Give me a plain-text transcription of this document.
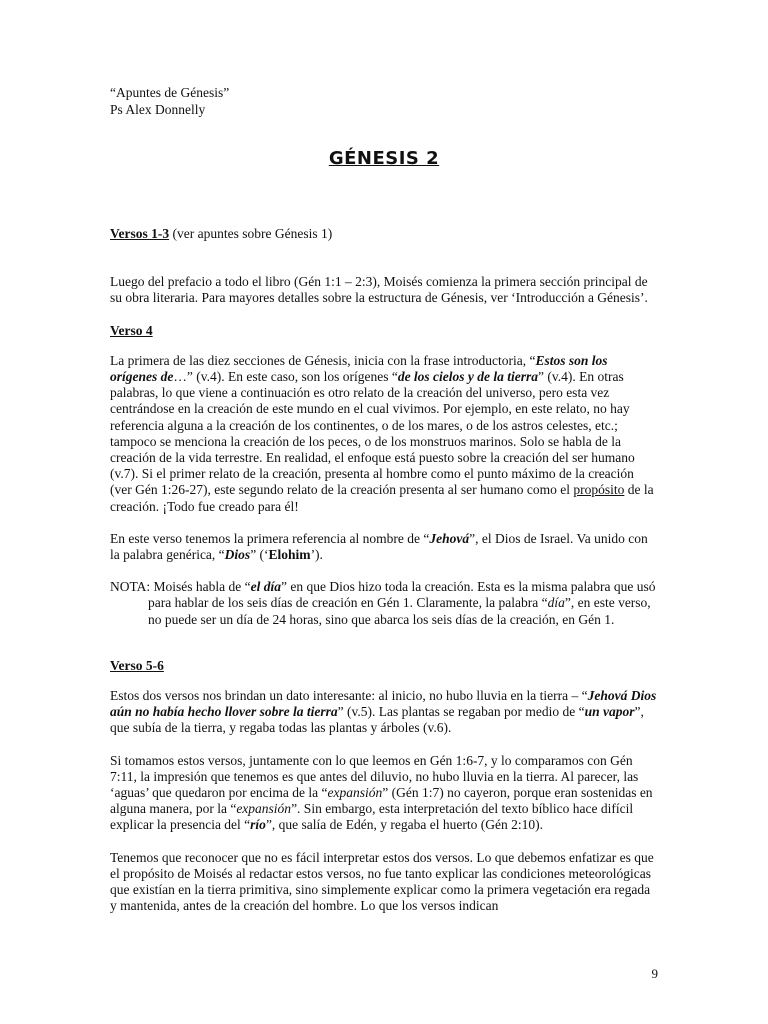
“Apuntes de Génesis”
Ps Alex Donnelly
GÉNESIS 2

Versos 1-3 (ver apuntes sobre Génesis 1)

Luego del prefacio a todo el libro (Gén 1:1 – 2:3), Moisés comienza la primera sección principal de su obra literaria. Para mayores detalles sobre la estructura de Génesis, ver ‘Introducción a Génesis’.

Verso 4

La primera de las diez secciones de Génesis, inicia con la frase introductoria, “Estos son los orígenes de…” (v.4). En este caso, son los orígenes “de los cielos y de la tierra” (v.4). En otras palabras, lo que viene a continuación es otro relato de la creación del universo, pero esta vez centrándose en la creación de este mundo en el cual vivimos. Por ejemplo, en este relato, no hay referencia alguna a la creación de los continentes, o de los mares, o de los astros celestes, etc.; tampoco se menciona la creación de los peces, o de los monstruos marinos. Solo se habla de la creación de la vida terrestre. En realidad, el enfoque está puesto sobre la creación del ser humano (v.7). Si el primer relato de la creación, presenta al hombre como el punto máximo de la creación (ver Gén 1:26-27), este segundo relato de la creación presenta al ser humano como el propósito de la creación. ¡Todo fue creado para él!

En este verso tenemos la primera referencia al nombre de “Jehová”, el Dios de Israel. Va unido con la palabra genérica, “Dios” (‘Elohim’).

NOTA: Moisés habla de “el día” en que Dios hizo toda la creación. Esta es la misma palabra que usó para hablar de los seis días de creación en Gén 1. Claramente, la palabra “día”, en este verso, no puede ser un día de 24 horas, sino que abarca los seis días de la creación, en Gén 1.

Verso 5-6

Estos dos versos nos brindan un dato interesante: al inicio, no hubo lluvia en la tierra – “Jehová Dios aún no había hecho llover sobre la tierra” (v.5). Las plantas se regaban por medio de “un vapor”, que subía de la tierra, y regaba todas las plantas y árboles (v.6).

Si tomamos estos versos, juntamente con lo que leemos en Gén 1:6-7, y lo comparamos con Gén 7:11, la impresión que tenemos es que antes del diluvio, no hubo lluvia en la tierra. Al parecer, las ‘aguas’ que quedaron por encima de la “expansión” (Gén 1:7) no cayeron, porque eran sostenidas en alguna manera, por la “expansión”. Sin embargo, esta interpretación del texto bíblico hace difícil explicar la presencia del “río”, que salía de Edén, y regaba el huerto (Gén 2:10).

Tenemos que reconocer que no es fácil interpretar estos dos versos. Lo que debemos enfatizar es que el propósito de Moisés al redactar estos versos, no fue tanto explicar las condiciones meteorológicas que existían en la tierra primitiva, sino simplemente explicar como la primera vegetación era regada y mantenida, antes de la creación del hombre. Lo que los versos indican

9
